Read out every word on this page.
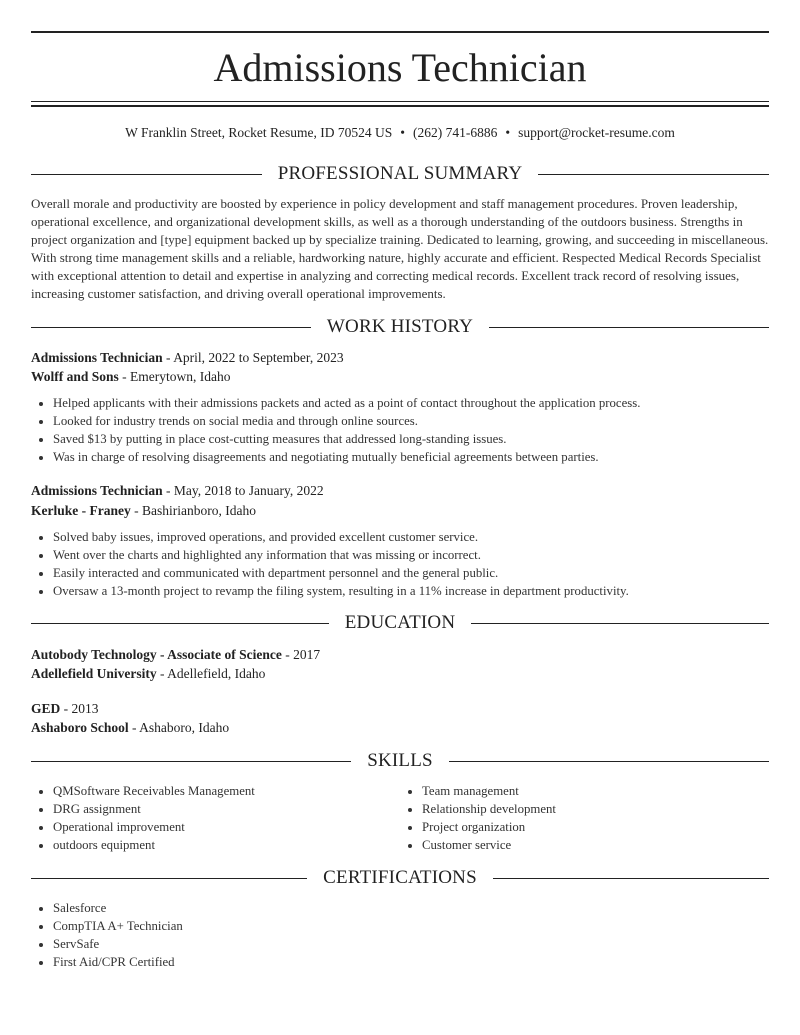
Admissions Technician
W Franklin Street, Rocket Resume, ID 70524 US • (262) 741-6886 • support@rocket-resume.com
PROFESSIONAL SUMMARY
Overall morale and productivity are boosted by experience in policy development and staff management procedures. Proven leadership, operational excellence, and organizational development skills, as well as a thorough understanding of the outdoors business. Strengths in project organization and [type] equipment backed up by specialize training. Dedicated to learning, growing, and succeeding in miscellaneous. With strong time management skills and a reliable, hardworking nature, highly accurate and efficient. Respected Medical Records Specialist with exceptional attention to detail and expertise in analyzing and correcting medical records. Excellent track record of resolving issues, increasing customer satisfaction, and driving overall operational improvements.
WORK HISTORY
Admissions Technician - April, 2022 to September, 2023
Wolff and Sons - Emerytown, Idaho
• Helped applicants with their admissions packets and acted as a point of contact throughout the application process.
• Looked for industry trends on social media and through online sources.
• Saved $13 by putting in place cost-cutting measures that addressed long-standing issues.
• Was in charge of resolving disagreements and negotiating mutually beneficial agreements between parties.
Admissions Technician - May, 2018 to January, 2022
Kerluke - Franey - Bashirianboro, Idaho
• Solved baby issues, improved operations, and provided excellent customer service.
• Went over the charts and highlighted any information that was missing or incorrect.
• Easily interacted and communicated with department personnel and the general public.
• Oversaw a 13-month project to revamp the filing system, resulting in a 11% increase in department productivity.
EDUCATION
Autobody Technology - Associate of Science - 2017
Adellefield University - Adellefield, Idaho
GED - 2013
Ashaboro School - Ashaboro, Idaho
SKILLS
• QMSoftware Receivables Management
• DRG assignment
• Operational improvement
• outdoors equipment
• Team management
• Relationship development
• Project organization
• Customer service
CERTIFICATIONS
• Salesforce
• CompTIA A+ Technician
• ServSafe
• First Aid/CPR Certified
